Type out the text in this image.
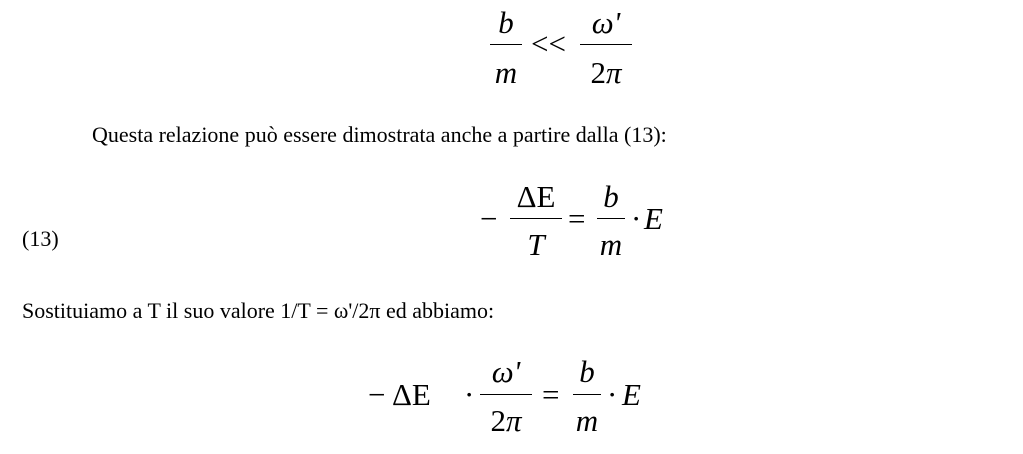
b
m
<<
ω'
2π
Questa relazione può essere dimostrata anche a partire dalla (13):
(13)
−
ΔE
T
=
b
m
· E
Sostituiamo a T il suo valore 1/T = ω'/2π ed abbiamo:
− ΔE ·
ω'
2π
=
b
m
· E
